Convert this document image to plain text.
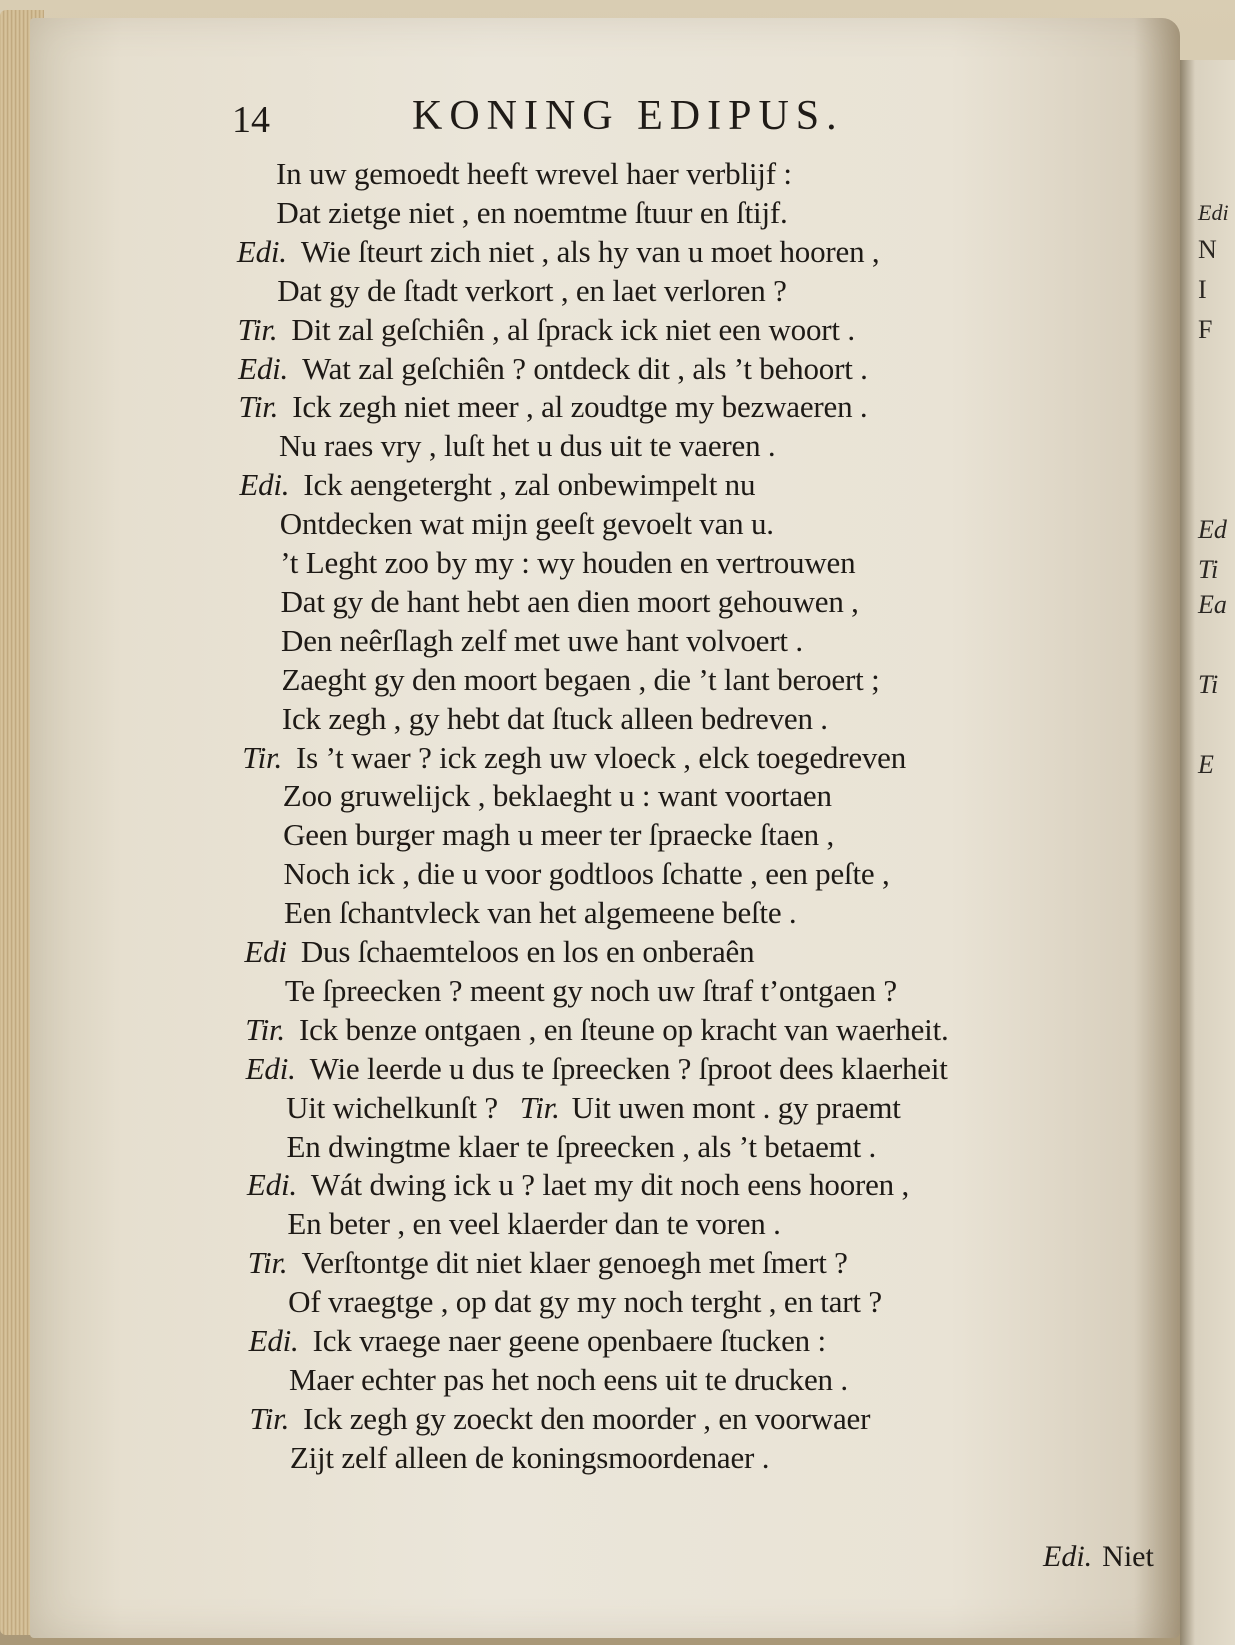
Edi
N
I
F
Ed
Ti
Ea
Ti
E
14	KONING EDIPUS.
In uw gemoedt heeft wrevel haer verblijf :
Dat zietge niet , en noemtme ſtuur en ſtijf.
Edi. Wie ſteurt zich niet , als hy van u moet hooren ,
Dat gy de ſtadt verkort , en laet verloren ?
Tir. Dit zal geſchiên , al ſprack ick niet een woort .
Edi. Wat zal geſchiên ? ontdeck dit , als ’t behoort .
Tir. Ick zegh niet meer , al zoudtge my bezwaeren .
Nu raes vry , luſt het u dus uit te vaeren .
Edi. Ick aengeterght , zal onbewimpelt nu
Ontdecken wat mijn geeſt gevoelt van u.
’t Leght zoo by my : wy houden en vertrouwen
Dat gy de hant hebt aen dien moort gehouwen ,
Den neêrſlagh zelf met uwe hant volvoert .
Zaeght gy den moort begaen , die ’t lant beroert ;
Ick zegh , gy hebt dat ſtuck alleen bedreven .
Tir. Is ’t waer ? ick zegh uw vloeck , elck toegedreven
Zoo gruwelijck , beklaeght u : want voortaen
Geen burger magh u meer ter ſpraecke ſtaen ,
Noch ick , die u voor godtloos ſchatte , een peſte ,
Een ſchantvleck van het algemeene beſte .
Edi Dus ſchaemteloos en los en onberaên
Te ſpreecken ? meent gy noch uw ſtraf t’ontgaen ?
Tir. Ick benze ontgaen , en ſteune op kracht van waerheit.
Edi. Wie leerde u dus te ſpreecken ? ſproot dees klaerheit
Uit wichelkunſt ? Tir. Uit uwen mont . gy praemt
En dwingtme klaer te ſpreecken , als ’t betaemt .
Edi. Wát dwing ick u ? laet my dit noch eens hooren ,
En beter , en veel klaerder dan te voren .
Tir. Verſtontge dit niet klaer genoegh met ſmert ?
Of vraegtge , op dat gy my noch terght , en tart ?
Edi. Ick vraege naer geene openbaere ſtucken :
Maer echter pas het noch eens uit te drucken .
Tir. Ick zegh gy zoeckt den moorder , en voorwaer
Zijt zelf alleen de koningsmoordenaer .
Edi. Niet
